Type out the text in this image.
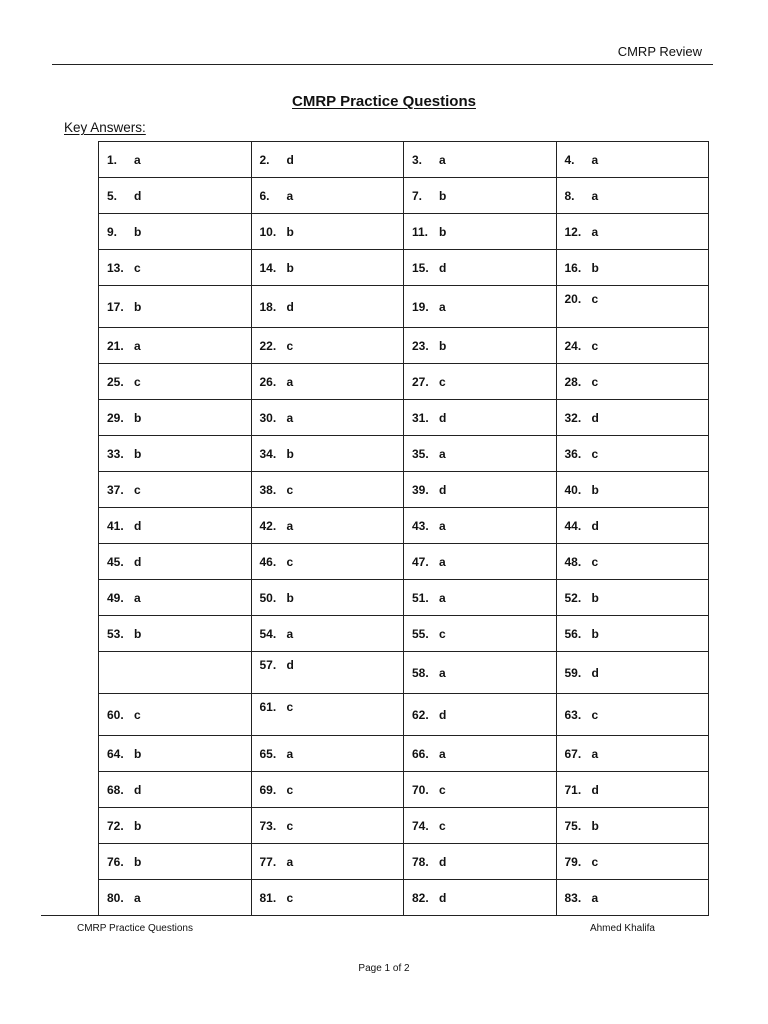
CMRP Review
CMRP Practice Questions
Key Answers:
1. a	2. d	3. a	4. a
5. d	6. a	7. b	8. a
9. b	10. b	11. b	12. a
13. c	14. b	15. d	16. b
17. b	18. d	19. a	20. c
21. a	22. c	23. b	24. c
25. c	26. a	27. c	28. c
29. b	30. a	31. d	32. d
33. b	34. b	35. a	36. c
37. c	38. c	39. d	40. b
41. d	42. a	43. a	44. d
45. d	46. c	47. a	48. c
49. a	50. b	51. a	52. b
53. b	54. a	55. c	56. b
	57. d	58. a	59. d
60. c	61. c	62. d	63. c
64. b	65. a	66. a	67. a
68. d	69. c	70. c	71. d
72. b	73. c	74. c	75. b
76. b	77. a	78. d	79. c
80. a	81. c	82. d	83. a
CMRP Practice Questions	Ahmed Khalifa
Page 1 of 2
